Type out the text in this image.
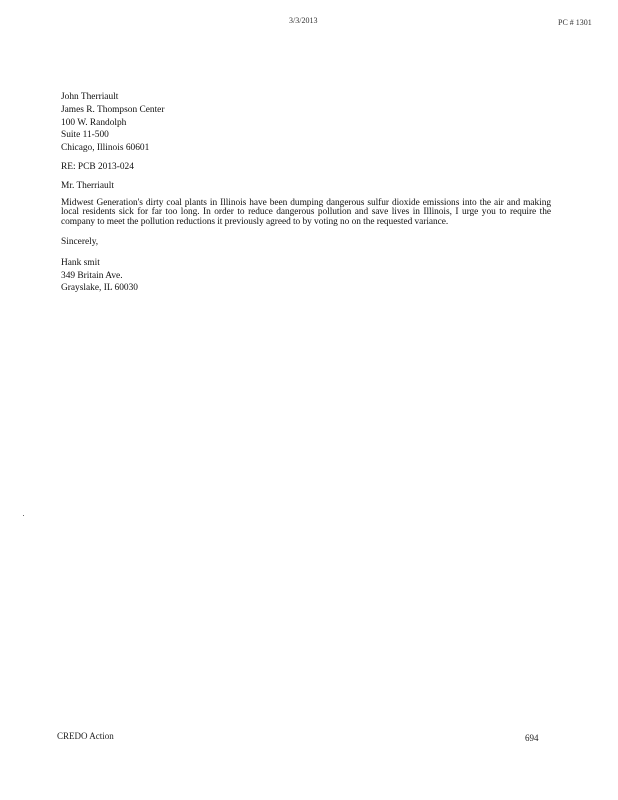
3/3/2013	PC # 1301
John Therriault
James R. Thompson Center
100 W. Randolph
Suite 11-500
Chicago, Illinois 60601
RE: PCB 2013-024
Mr. Therriault
Midwest Generation's dirty coal plants in Illinois have been dumping dangerous sulfur dioxide emissions into the air and making local residents sick for far too long. In order to reduce dangerous pollution and save lives in Illinois, I urge you to require the company to meet the pollution reductions it previously agreed to by voting no on the requested variance.
Sincerely,
Hank smit
349 Britain Ave.
Grayslake, IL 60030
CREDO Action	694
